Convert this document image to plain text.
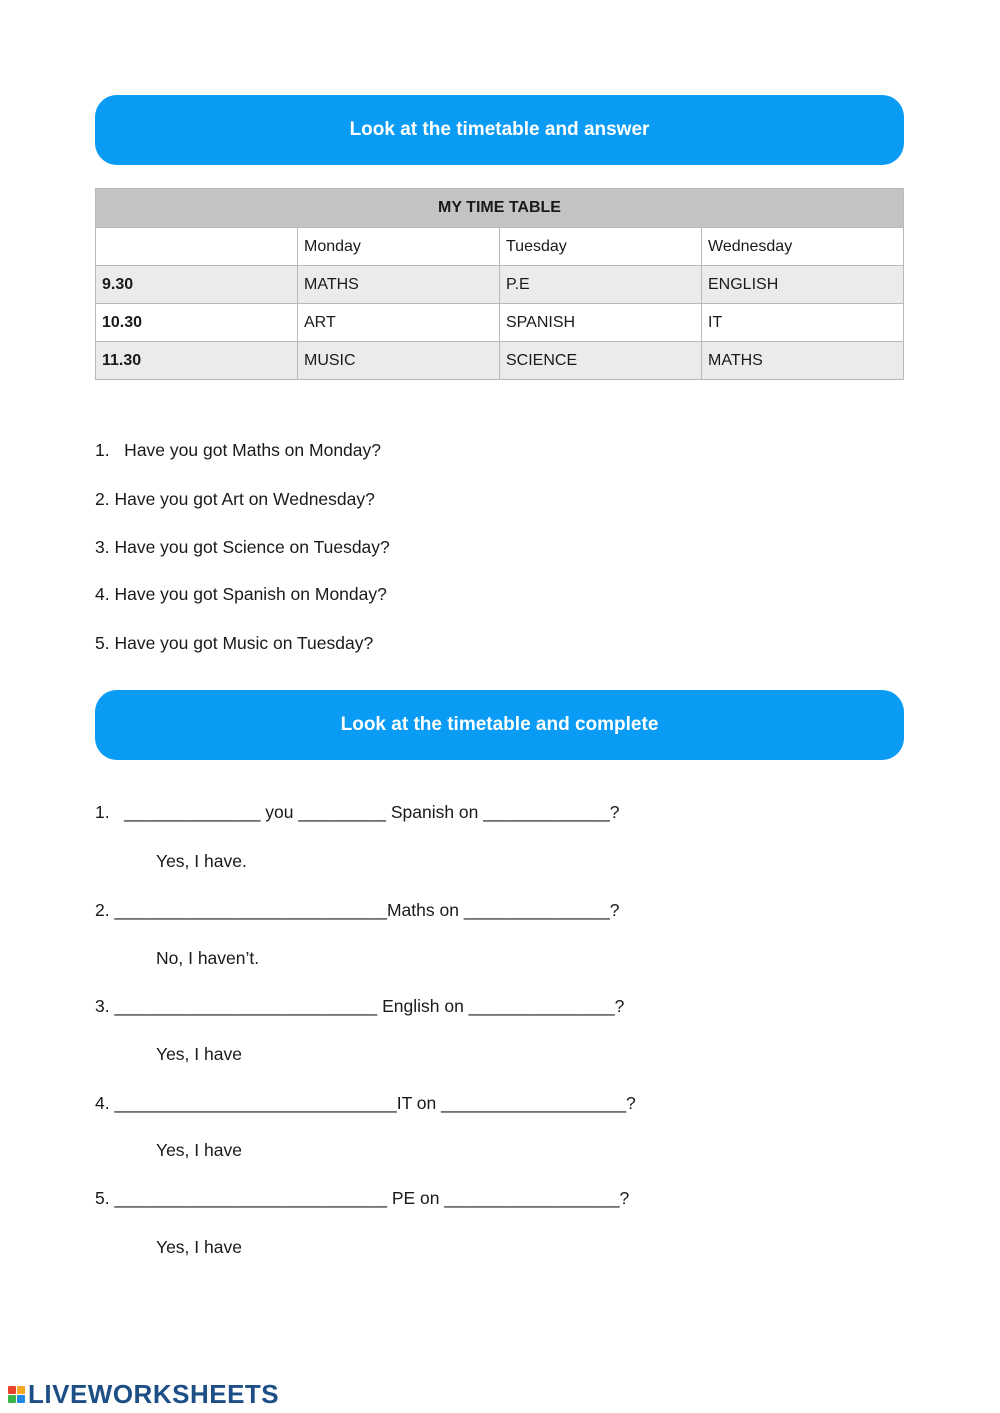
Look at the timetable and answer
MY TIME TABLE			
	Monday	Tuesday	Wednesday
9.30	MATHS	P.E	ENGLISH
10.30	ART	SPANISH	IT
11.30	MUSIC	SCIENCE	MATHS
1.   Have you got Maths on Monday?
2. Have you got Art on Wednesday?
3. Have you got Science on Tuesday?
4. Have you got Spanish on Monday?
5. Have you got Music on Tuesday?
Look at the timetable and complete
1.   ______________ you _________ Spanish on _____________?
Yes, I have.
2. ____________________________Maths on _______________?
No, I haven’t.
3. ___________________________ English on _______________?
Yes, I have
4. _____________________________IT on ___________________?
Yes, I have
5. ____________________________ PE on __________________?
Yes, I have
LIVEWORKSHEETS
